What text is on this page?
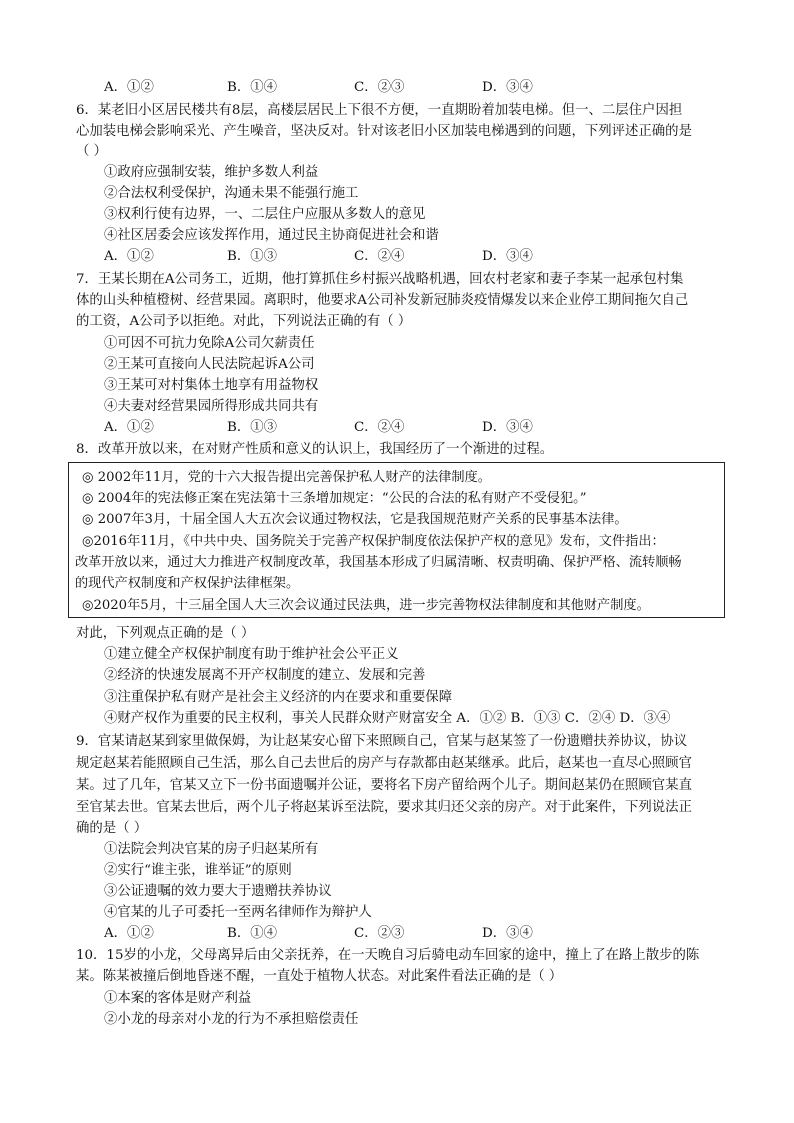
A．①②	B．①④	C．②③	D．③④
6．某老旧小区居民楼共有8层，高楼层居民上下很不方便，一直期盼着加装电梯。但一、二层住户因担
心加装电梯会影响采光、产生噪音，坚决反对。针对该老旧小区加装电梯遇到的问题，下列评述正确的是
（ ）
①政府应强制安装，维护多数人利益
②合法权利受保护，沟通未果不能强行施工
③权利行使有边界，一、二层住户应服从多数人的意见
④社区居委会应该发挥作用，通过民主协商促进社会和谐
A．①②	B．①③	C．②④	D．③④
7．王某长期在A公司务工，近期，他打算抓住乡村振兴战略机遇，回农村老家和妻子李某一起承包村集
体的山头种植橙树、经营果园。离职时，他要求A公司补发新冠肺炎疫情爆发以来企业停工期间拖欠自己
的工资，A公司予以拒绝。对此，下列说法正确的有（ ）
①可因不可抗力免除A公司欠薪责任
②王某可直接向人民法院起诉A公司
③王某可对村集体土地享有用益物权
④夫妻对经营果园所得形成共同共有
A．①②	B．①③	C．②④	D．③④
8．改革开放以来，在对财产性质和意义的认识上，我国经历了一个渐进的过程。
◎ 2002年11月，党的十六大报告提出完善保护私人财产的法律制度。
◎ 2004年的宪法修正案在宪法第十三条增加规定：“公民的合法的私有财产不受侵犯。”
◎ 2007年3月，十届全国人大五次会议通过物权法，它是我国规范财产关系的民事基本法律。
◎2016年11月，《中共中央、国务院关于完善产权保护制度依法保护产权的意见》发布，文件指出：
改革开放以来，通过大力推进产权制度改革，我国基本形成了归属清晰、权责明确、保护严格、流转顺畅
的现代产权制度和产权保护法律框架。
◎2020年5月，十三届全国人大三次会议通过民法典，进一步完善物权法律制度和其他财产制度。
对此，下列观点正确的是（ ）
①建立健全产权保护制度有助于维护社会公平正义
②经济的快速发展离不开产权制度的建立、发展和完善
③注重保护私有财产是社会主义经济的内在要求和重要保障
④财产权作为重要的民主权利，事关人民群众财产财富安全 A．①② B．①③ C．②④ D．③④
9．官某请赵某到家里做保姆，为让赵某安心留下来照顾自己，官某与赵某签了一份遗赠扶养协议，协议
规定赵某若能照顾自己生活，那么自己去世后的房产与存款都由赵某继承。此后，赵某也一直尽心照顾官
某。过了几年，官某又立下一份书面遗嘱并公证，要将名下房产留给两个儿子。期间赵某仍在照顾官某直
至官某去世。官某去世后，两个儿子将赵某诉至法院，要求其归还父亲的房产。对于此案件，下列说法正
确的是（ ）
①法院会判决官某的房子归赵某所有
②实行“谁主张，谁举证”的原则
③公证遗嘱的效力要大于遗赠扶养协议
④官某的儿子可委托一至两名律师作为辩护人
A．①②	B．①④	C．②③	D．③④
10．15岁的小龙，父母离异后由父亲抚养，在一天晚自习后骑电动车回家的途中，撞上了在路上散步的陈
某。陈某被撞后倒地昏迷不醒，一直处于植物人状态。对此案件看法正确的是（ ）
①本案的客体是财产利益
②小龙的母亲对小龙的行为不承担赔偿责任
